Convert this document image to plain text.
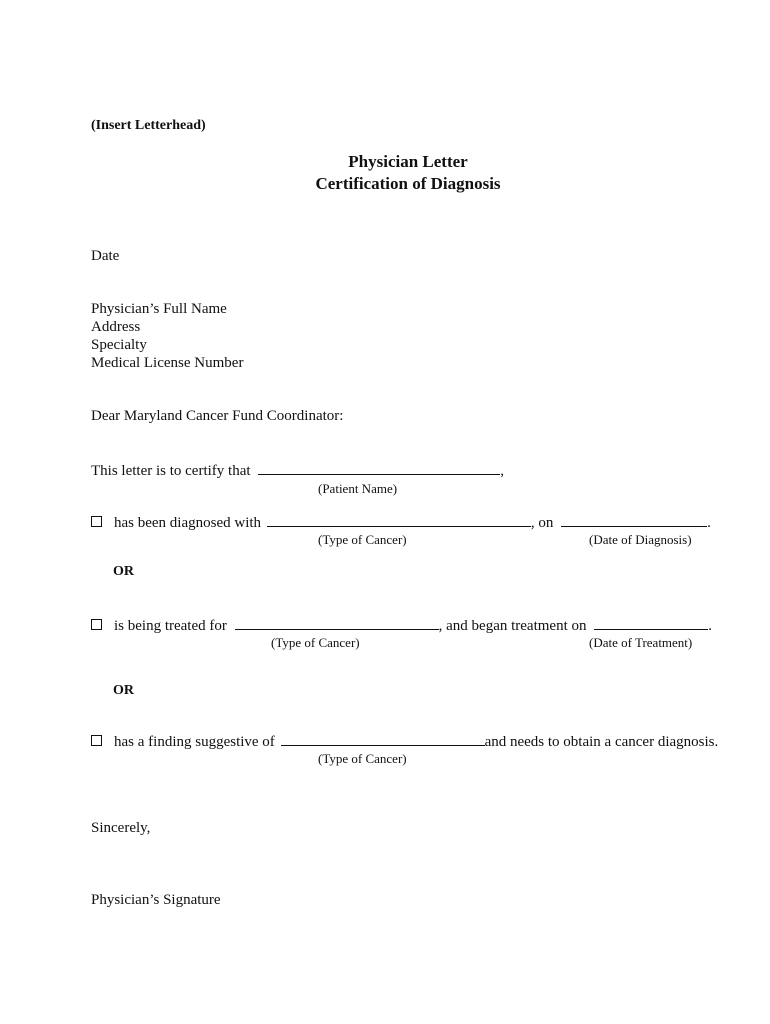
(Insert Letterhead)
Physician Letter
Certification of Diagnosis
Date
Physician’s Full Name
Address
Specialty
Medical License Number
Dear Maryland Cancer Fund Coordinator:
This letter is to certify that	,
(Patient Name)
has been diagnosed with	, on	.
(Type of Cancer)	(Date of Diagnosis)
OR
is being treated for	, and began treatment on	.
(Type of Cancer)	(Date of Treatment)
OR
has a finding suggestive of	and needs to obtain a cancer diagnosis.
(Type of Cancer)
Sincerely,
Physician’s Signature
